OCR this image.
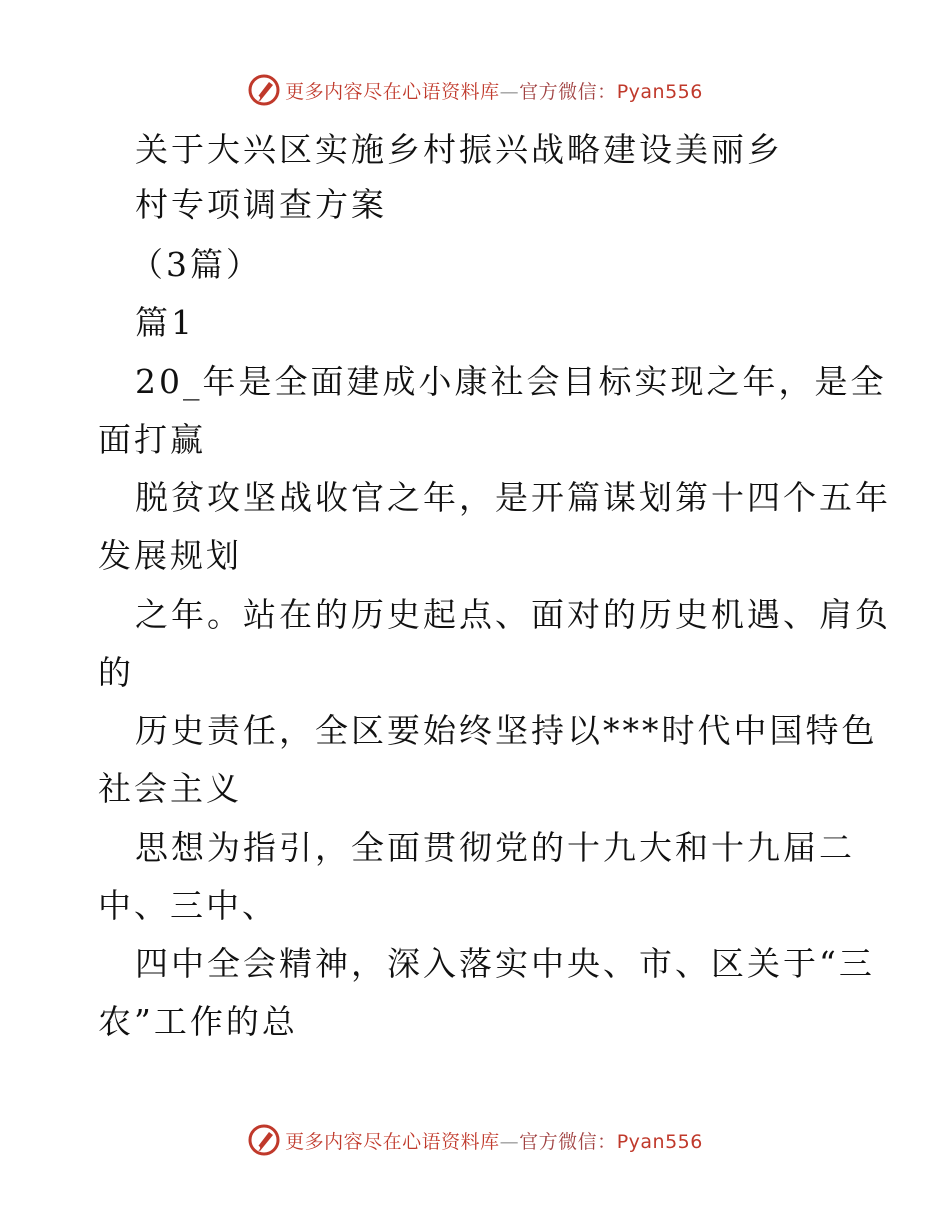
更多内容尽在心语资料库—官方微信：Pyan556
关于大兴区实施乡村振兴战略建设美丽乡
村专项调查方案
（3篇）
篇1
20_年是全面建成小康社会目标实现之年，是全
面打赢
脱贫攻坚战收官之年，是开篇谋划第十四个五年
发展规划
之年。站在的历史起点、面对的历史机遇、肩负
的
历史责任，全区要始终坚持以***时代中国特色
社会主义
思想为指引，全面贯彻党的十九大和十九届二
中、三中、
四中全会精神，深入落实中央、市、区关于“三
农”工作的总
更多内容尽在心语资料库—官方微信：Pyan556
